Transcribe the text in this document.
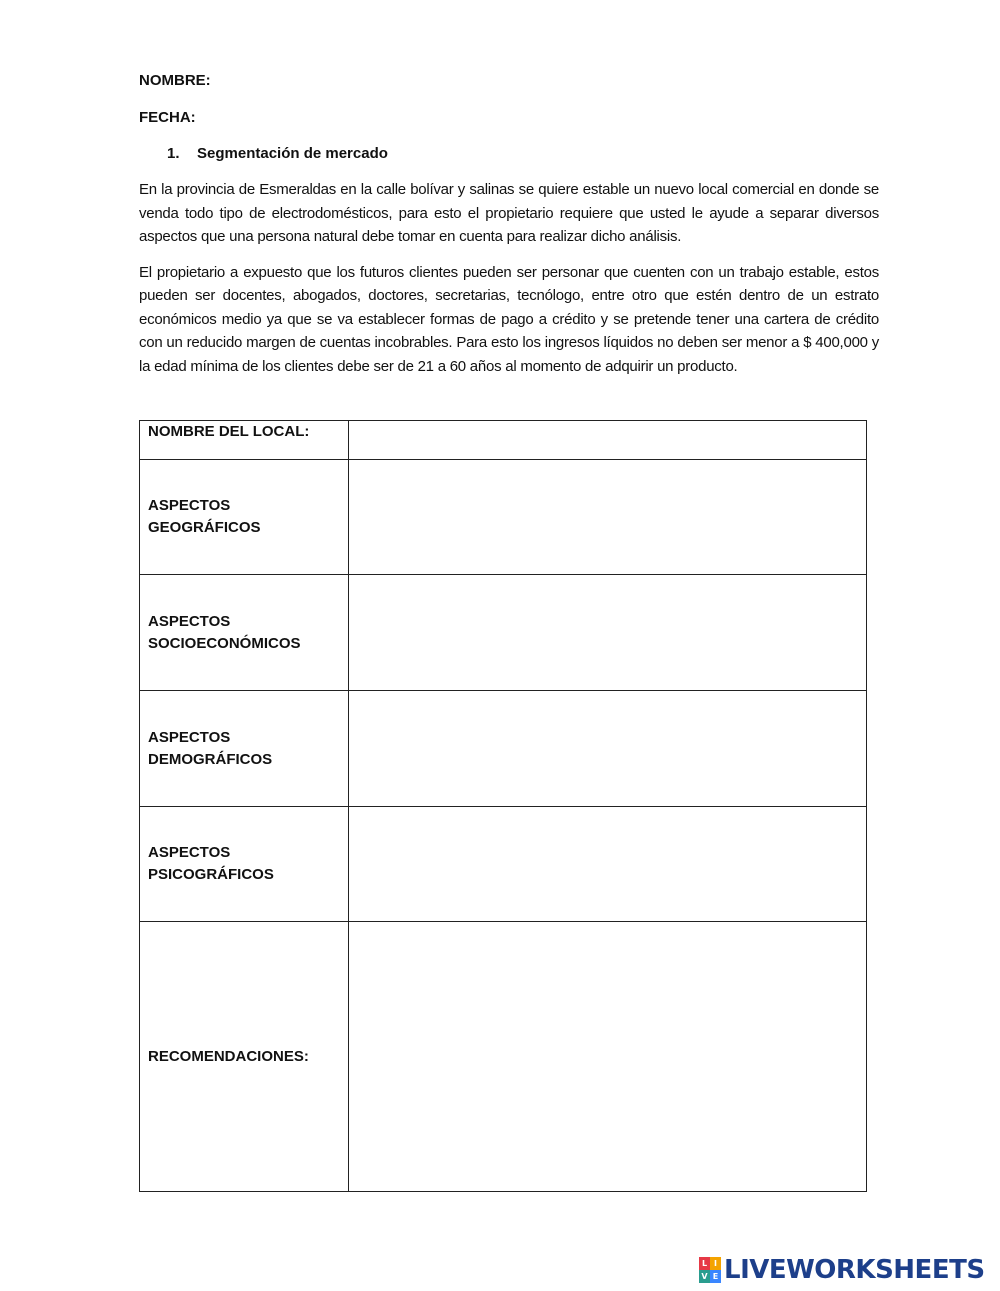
NOMBRE:

FECHA:

1.	Segmentación de mercado

En la provincia de Esmeraldas en la calle bolívar y salinas se quiere estable un nuevo local comercial en donde se venda todo tipo de electrodomésticos, para esto el propietario requiere que usted le ayude a separar diversos aspectos que una persona natural debe tomar en cuenta para realizar dicho análisis.

El propietario a expuesto que los futuros clientes pueden ser personar que cuenten con un trabajo estable, estos pueden ser docentes, abogados, doctores, secretarias, tecnólogo, entre otro que estén dentro de un estrato económicos medio ya que se va establecer formas de pago a crédito y se pretende tener una cartera de crédito con un reducido margen de cuentas incobrables. Para esto los ingresos líquidos no deben ser menor a $ 400,000 y la edad mínima de los clientes debe ser de 21 a 60 años al momento de adquirir un producto.

NOMBRE DEL LOCAL:	
ASPECTOS GEOGRÁFICOS	
ASPECTOS SOCIOECONÓMICOS	
ASPECTOS DEMOGRÁFICOS	
ASPECTOS PSICOGRÁFICOS	
RECOMENDACIONES:	
L I
V E LIVEWORKSHEETS
